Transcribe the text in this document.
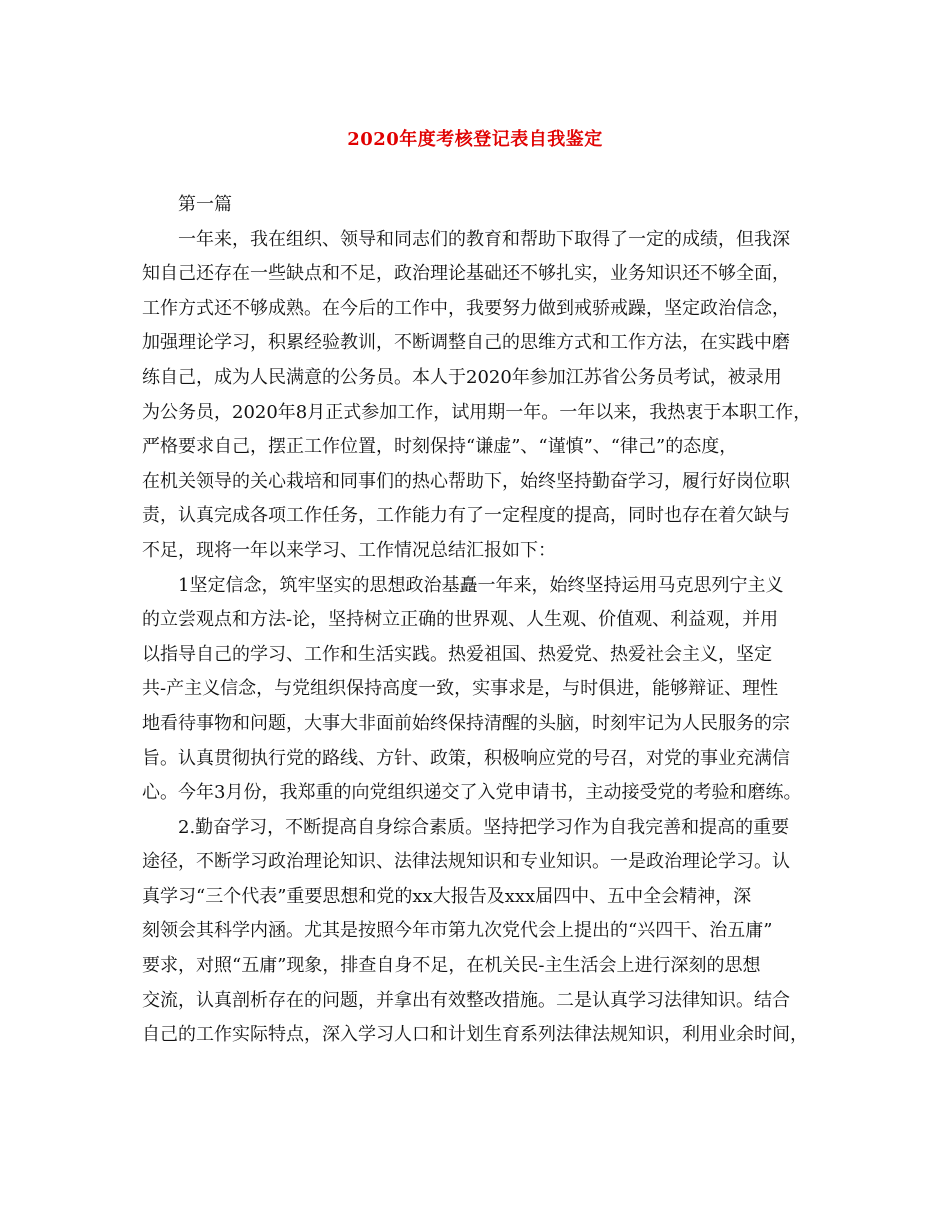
2020年度考核登记表自我鉴定
第一篇
一年来，我在组织、领导和同志们的教育和帮助下取得了一定的成绩，但我深
知自己还存在一些缺点和不足，政治理论基础还不够扎实，业务知识还不够全面，
工作方式还不够成熟。在今后的工作中，我要努力做到戒骄戒躁，坚定政治信念，
加强理论学习，积累经验教训，不断调整自己的思维方式和工作方法，在实践中磨
练自己，成为人民满意的公务员。本人于2020年参加江苏省公务员考试，被录用
为公务员，2020年8月正式参加工作，试用期一年。一年以来，我热衷于本职工作，
严格要求自己，摆正工作位置，时刻保持“谦虚”、“谨慎”、“律己”的态度，
在机关领导的关心栽培和同事们的热心帮助下，始终坚持勤奋学习，履行好岗位职
责，认真完成各项工作任务，工作能力有了一定程度的提高，同时也存在着欠缺与
不足，现将一年以来学习、工作情况总结汇报如下：
1坚定信念，筑牢坚实的思想政治基矗一年来，始终坚持运用马克思列宁主义
的立尝观点和方法-论，坚持树立正确的世界观、人生观、价值观、利益观，并用
以指导自己的学习、工作和生活实践。热爱祖国、热爱党、热爱社会主义，坚定
共-产主义信念，与党组织保持高度一致，实事求是，与时俱进，能够辩证、理性
地看待事物和问题，大事大非面前始终保持清醒的头脑，时刻牢记为人民服务的宗
旨。认真贯彻执行党的路线、方针、政策，积极响应党的号召，对党的事业充满信
心。今年3月份，我郑重的向党组织递交了入党申请书，主动接受党的考验和磨练。
2.勤奋学习，不断提高自身综合素质。坚持把学习作为自我完善和提高的重要
途径，不断学习政治理论知识、法律法规知识和专业知识。一是政治理论学习。认
真学习“三个代表”重要思想和党的xx大报告及xxx届四中、五中全会精神，深
刻领会其科学内涵。尤其是按照今年市第九次党代会上提出的“兴四干、治五庸”
要求，对照“五庸”现象，排查自身不足，在机关民-主生活会上进行深刻的思想
交流，认真剖析存在的问题，并拿出有效整改措施。二是认真学习法律知识。结合
自己的工作实际特点，深入学习人口和计划生育系列法律法规知识，利用业余时间，
